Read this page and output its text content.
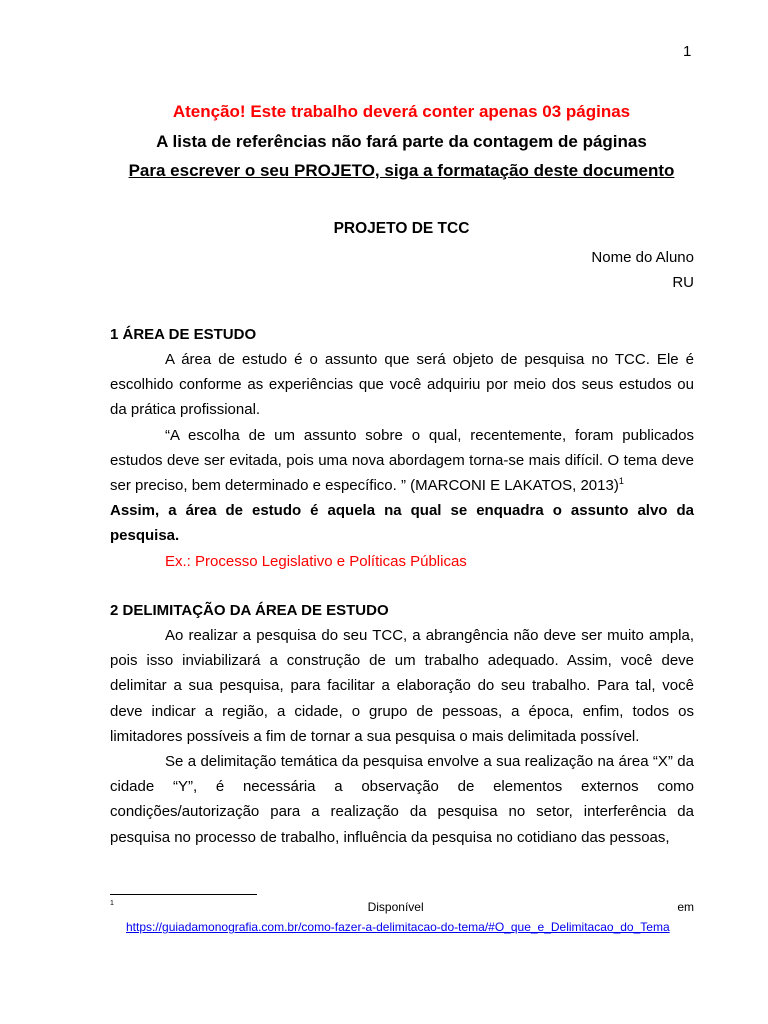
1
Atenção! Este trabalho deverá conter apenas 03 páginas
A lista de referências não fará parte da contagem de páginas
Para escrever o seu PROJETO, siga a formatação deste documento
PROJETO DE TCC
Nome do Aluno
RU
1 ÁREA DE ESTUDO

A área de estudo é o assunto que será objeto de pesquisa no TCC. Ele é escolhido conforme as experiências que você adquiriu por meio dos seus estudos ou da prática profissional.

“A escolha de um assunto sobre o qual, recentemente, foram publicados estudos deve ser evitada, pois uma nova abordagem torna-se mais difícil. O tema deve ser preciso, bem determinado e específico. ” (MARCONI E LAKATOS, 2013)$^1$

Assim, a área de estudo é aquela na qual se enquadra o assunto alvo da pesquisa.

Ex.: Processo Legislativo e Políticas Públicas

2 DELIMITAÇÃO DA ÁREA DE ESTUDO

Ao realizar a pesquisa do seu TCC, a abrangência não deve ser muito ampla, pois isso inviabilizará a construção de um trabalho adequado. Assim, você deve delimitar a sua pesquisa, para facilitar a elaboração do seu trabalho. Para tal, você deve indicar a região, a cidade, o grupo de pessoas, a época, enfim, todos os limitadores possíveis a fim de tornar a sua pesquisa o mais delimitada possível.

Se a delimitação temática da pesquisa envolve a sua realização na área “X” da cidade “Y”, é necessária a observação de elementos externos como condições/autorização para a realização da pesquisa no setor, interferência da pesquisa no processo de trabalho, influência da pesquisa no cotidiano das pessoas,

1	Disponível	em
https://guiadamonografia.com.br/como-fazer-a-delimitacao-do-tema/#O_que_e_Delimitacao_do_Tema
